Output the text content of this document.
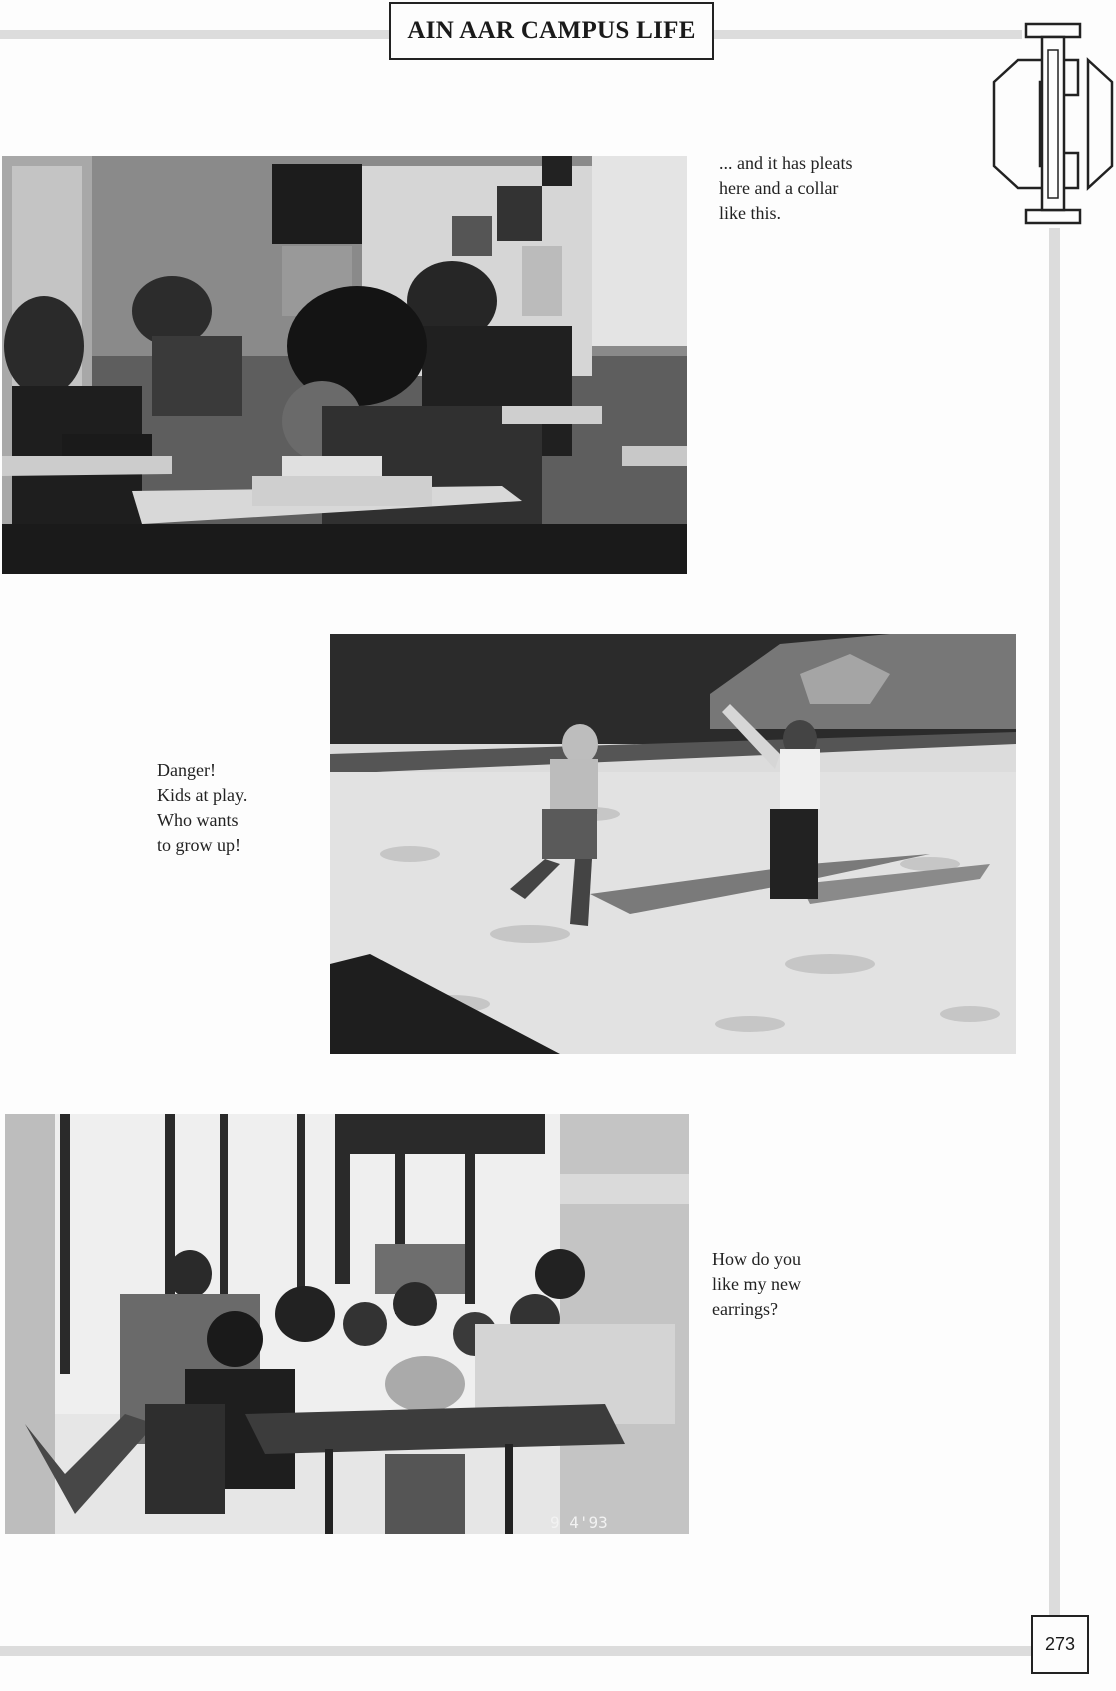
AIN AAR CAMPUS LIFE
9 4'93
... and it has pleats
here and a collar
like this.
Danger!
Kids at play.
Who wants
to grow up!
How do you
like my new
earrings?
273
